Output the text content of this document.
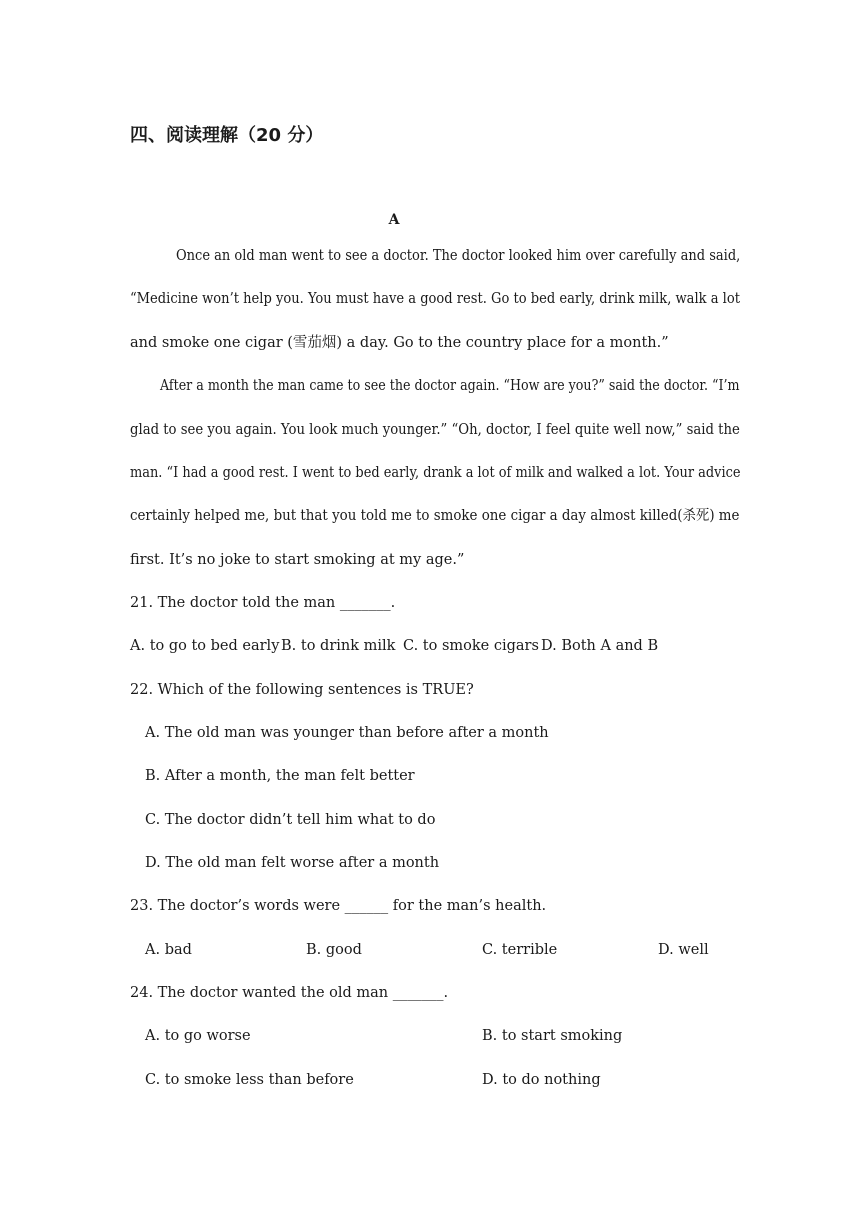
四、阅读理解（20 分）
A
Once an old man went to see a doctor. The doctor looked him over carefully and said,
“Medicine won’t help you. You must have a good rest. Go to bed early, drink milk, walk a lot
and smoke one cigar (雪茄烟) a day. Go to the country place for a month.”
After a month the man came to see the doctor again. “How are you?” said the doctor. “I’m
glad to see you again. You look much younger.” “Oh, doctor, I feel quite well now,” said the
man. “I had a good rest. I went to bed early, drank a lot of milk and walked a lot. Your advice
certainly helped me, but that you told me to smoke one cigar a day almost killed(杀死) me
first. It’s no joke to start smoking at my age.”
21. The doctor told the man _______.
A. to go to bed early B. to drink milk C. to smoke cigars D. Both A and B
22. Which of the following sentences is TRUE?
A. The old man was younger than before after a month
B. After a month, the man felt better
C. The doctor didn’t tell him what to do
D. The old man felt worse after a month
23. The doctor’s words were ______ for the man’s health.
A. bad	B. good	C. terrible	D. well
24. The doctor wanted the old man _______.
A. to go worse	B. to start smoking
C. to smoke less than before	D. to do nothing
